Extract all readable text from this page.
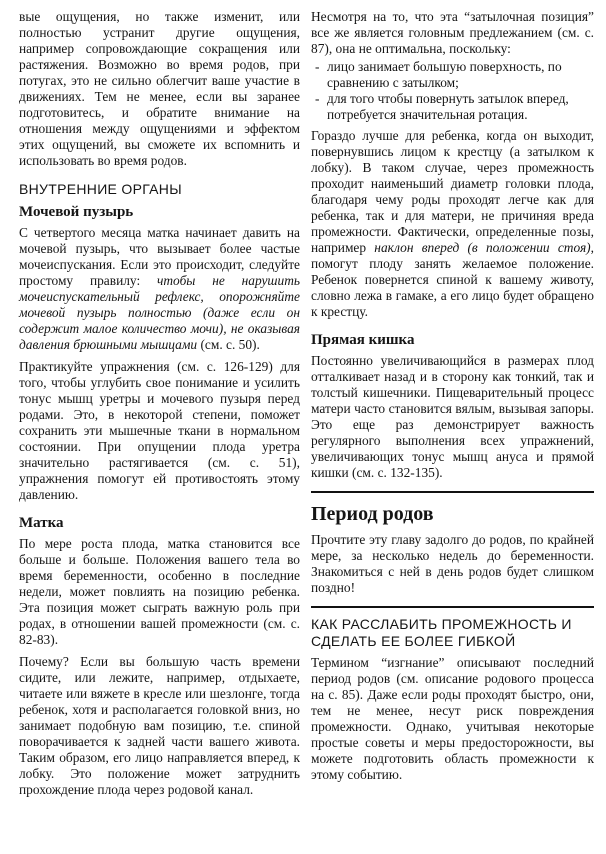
вые ощущения, но также изменит, или полностью устранит другие ощущения, например сопровождающие сокращения или растяжения. Возможно во время родов, при потугах, это не сильно облегчит ваше участие в движениях. Тем не менее, если вы заранее подготовитесь, и обратите внимание на отношения между ощущениями и эффектом этих ощущений, вы сможете их вспомнить и использовать во время родов.

ВНУТРЕННИЕ ОРГАНЫ
Мочевой пузырь

С четвертого месяца матка начинает давить на мочевой пузырь, что вызывает более частые мочеиспускания. Если это происходит, следуйте простому правилу: чтобы не нарушить мочеиспускательный рефлекс, опорожняйте мочевой пузырь полностью (даже если он содержит малое количество мочи), не оказывая давления брюшными мышцами (см. с. 50).

Практикуйте упражнения (см. с. 126-129) для того, чтобы углубить свое понимание и усилить тонус мышц уретры и мочевого пузыря перед родами. Это, в некоторой степени, поможет сохранить эти мышечные ткани в нормальном состоянии. При опущении плода уретра значительно растягивается (см. с. 51), упражнения помогут ей противостоять этому давлению.

Матка

По мере роста плода, матка становится все больше и больше. Положения вашего тела во время беременности, особенно в последние недели, может повлиять на позицию ребенка. Эта позиция может сыграть важную роль при родах, в отношении вашей промежности (см. с. 82-83).

Почему? Если вы большую часть времени сидите, или лежите, например, отдыхаете, читаете или вяжете в кресле или шезлонге, тогда ребенок, хотя и располагается головкой вниз, но занимает подобную вам позицию, т.е. спиной поворачивается к задней части вашего живота. Таким образом, его лицо направляется вперед, к лобку. Это положение может затруднить прохождение плода через родовой канал.

Несмотря на то, что эта “затылочная позиция” все же является головным предлежанием (см. с. 87), она не оптимальна, поскольку:

- лицо занимает большую поверхность, по сравнению с затылком;
- для того чтобы повернуть затылок вперед, потребуется значительная ротация.

Гораздо лучше для ребенка, когда он выходит, повернувшись лицом к крестцу (а затылком к лобку). В таком случае, через промежность проходит наименьший диаметр головки плода, благодаря чему роды проходят легче как для ребенка, так и для матери, не причиняя вреда промежности. Фактически, определенные позы, например наклон вперед (в положении стоя), помогут плоду занять желаемое положение. Ребенок повернется спиной к вашему животу, словно лежа в гамаке, а его лицо будет обращено к крестцу.

Прямая кишка

Постоянно увеличивающийся в размерах плод отталкивает назад и в сторону как тонкий, так и толстый кишечники. Пищеварительный процесс матери часто становится вялым, вызывая запоры. Это еще раз демонстрирует важность регулярного выполнения всех упражнений, увеличивающих тонус мышц ануса и прямой кишки (см. с. 132-135).

Период родов

Прочтите эту главу задолго до родов, по крайней мере, за несколько недель до беременности. Знакомиться с ней в день родов будет слишком поздно!

КАК РАССЛАБИТЬ ПРОМЕЖНОСТЬ И СДЕЛАТЬ ЕЕ БОЛЕЕ ГИБКОЙ

Термином “изгнание” описывают последний период родов (см. описание родового процесса на с. 85). Даже если роды проходят быстро, они, тем не менее, несут риск повреждения промежности. Однако, учитывая некоторые простые советы и меры предосторожности, вы можете подготовить область промежности к этому событию.
